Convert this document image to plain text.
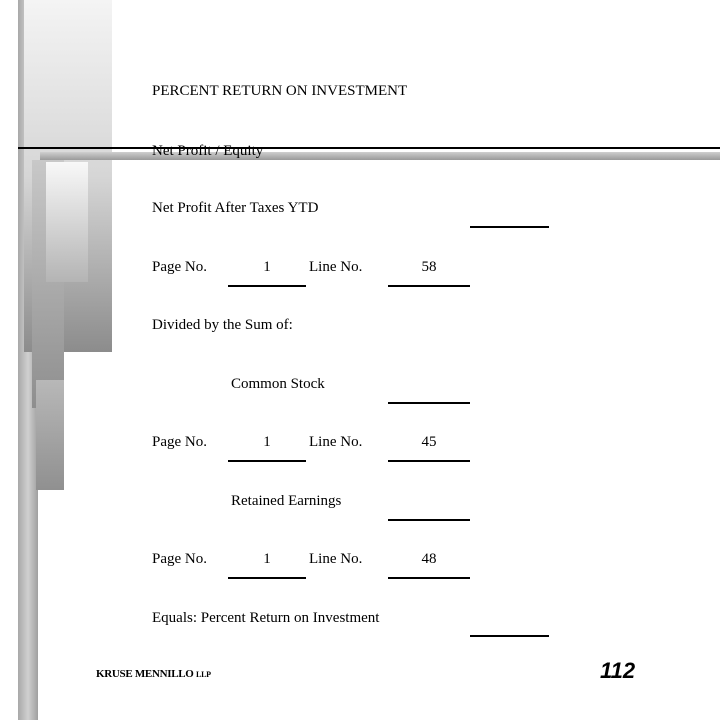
PERCENT RETURN ON INVESTMENT
Net Profit / Equity
Net Profit After Taxes YTD
Page No.	1	Line No.	58
Divided by the Sum of:
Common Stock
Page No.	1	Line No.	45
Retained Earnings
Page No.	1	Line No.	48
Equals: Percent Return on Investment
KRUSE MENNILLO LLP	112
